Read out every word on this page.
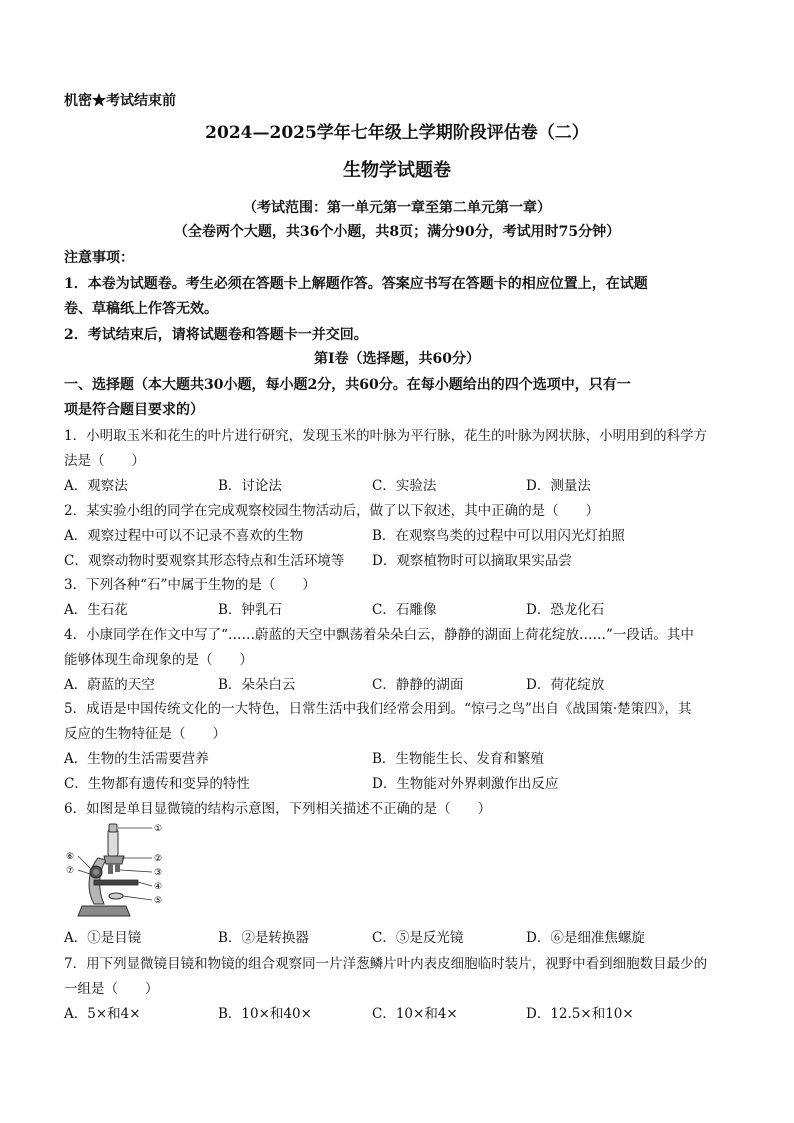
机密★考试结束前
2024—2025学年七年级上学期阶段评估卷（二）
生物学试题卷
（考试范围：第一单元第一章至第二单元第一章）
（全卷两个大题，共36个小题，共8页；满分90分，考试用时75分钟）
注意事项：
1．本卷为试题卷。考生必须在答题卡上解题作答。答案应书写在答题卡的相应位置上，在试题
卷、草稿纸上作答无效。
2．考试结束后，请将试题卷和答题卡一并交回。
第Ⅰ卷（选择题，共60分）
一、选择题（本大题共30小题，每小题2分，共60分。在每小题给出的四个选项中，只有一
项是符合题目要求的）
1．小明取玉米和花生的叶片进行研究，发现玉米的叶脉为平行脉，花生的叶脉为网状脉，小明用到的科学方
法是（　　）
A．观察法	B．讨论法	C．实验法	D．测量法
2．某实验小组的同学在完成观察校园生物活动后，做了以下叙述，其中正确的是（　　）
A．观察过程中可以不记录不喜欢的生物	B．在观察鸟类的过程中可以用闪光灯拍照
C．观察动物时要观察其形态特点和生活环境等 D．观察植物时可以摘取果实品尝
3．下列各种“石”中属于生物的是（　　）
A．生石花	B．钟乳石	C．石雕像	D．恐龙化石
4．小康同学在作文中写了“……蔚蓝的天空中飘荡着朵朵白云，静静的湖面上荷花绽放……”一段话。其中
能够体现生命现象的是（　　）
A．蔚蓝的天空	B．朵朵白云	C．静静的湖面	D．荷花绽放
5．成语是中国传统文化的一大特色，日常生活中我们经常会用到。“惊弓之鸟”出自《战国策·楚策四》，其
反应的生物特征是（　　）
A．生物的生活需要营养	B．生物能生长、发育和繁殖
C．生物都有遗传和变异的特性	D．生物能对外界刺激作出反应
6．如图是单目显微镜的结构示意图，下列相关描述不正确的是（　　）
①
②
③
④
⑤
⑥
⑦
A．①是目镜	B．②是转换器	C．⑤是反光镜	D．⑥是细准焦螺旋
7．用下列显微镜目镜和物镜的组合观察同一片洋葱鳞片叶内表皮细胞临时装片，视野中看到细胞数目最少的
一组是（　　）
A．5×和4×	B．10×和40×	C．10×和4×	D．12.5×和10×
